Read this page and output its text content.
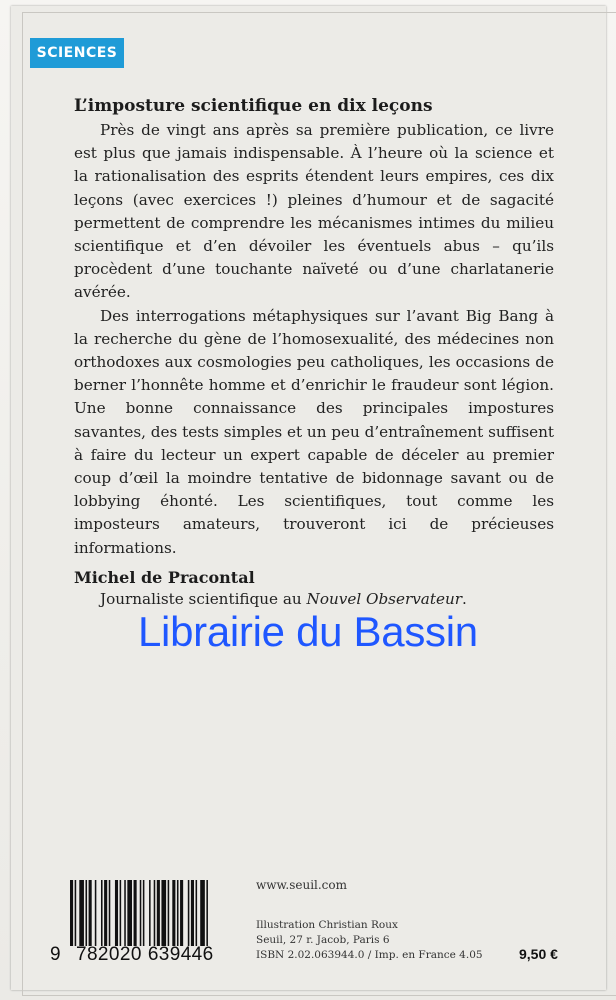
SCIENCES
L’imposture scientifique en dix leçons

Près de vingt ans après sa première publication, ce livre est plus que jamais indispensable. À l’heure où la science et la rationalisation des esprits étendent leurs empires, ces dix leçons (avec exercices !) pleines d’humour et de sagacité permettent de comprendre les mécanismes intimes du milieu scientifique et d’en dévoiler les éventuels abus – qu’ils procèdent d’une touchante naïveté ou d’une charlatanerie avérée.

Des interrogations métaphysiques sur l’avant Big Bang à la recherche du gène de l’homosexualité, des médecines non orthodoxes aux cosmologies peu catholiques, les occasions de berner l’honnête homme et d’enrichir le fraudeur sont légion. Une bonne connaissance des principales impostures savantes, des tests simples et un peu d’entraînement suffisent à faire du lecteur un expert capable de déceler au premier coup d’œil la moindre tentative de bidonnage savant ou de lobbying éhonté. Les scientifiques, tout comme les imposteurs amateurs, trouveront ici de précieuses informations.

Michel de Pracontal
Journaliste scientifique au Nouvel Observateur.
Librairie du Bassin
9 782020 639446
www.seuil.com
Illustration Christian Roux
Seuil, 27 r. Jacob, Paris 6
ISBN 2.02.063944.0 / Imp. en France 4.05	9,50 €
